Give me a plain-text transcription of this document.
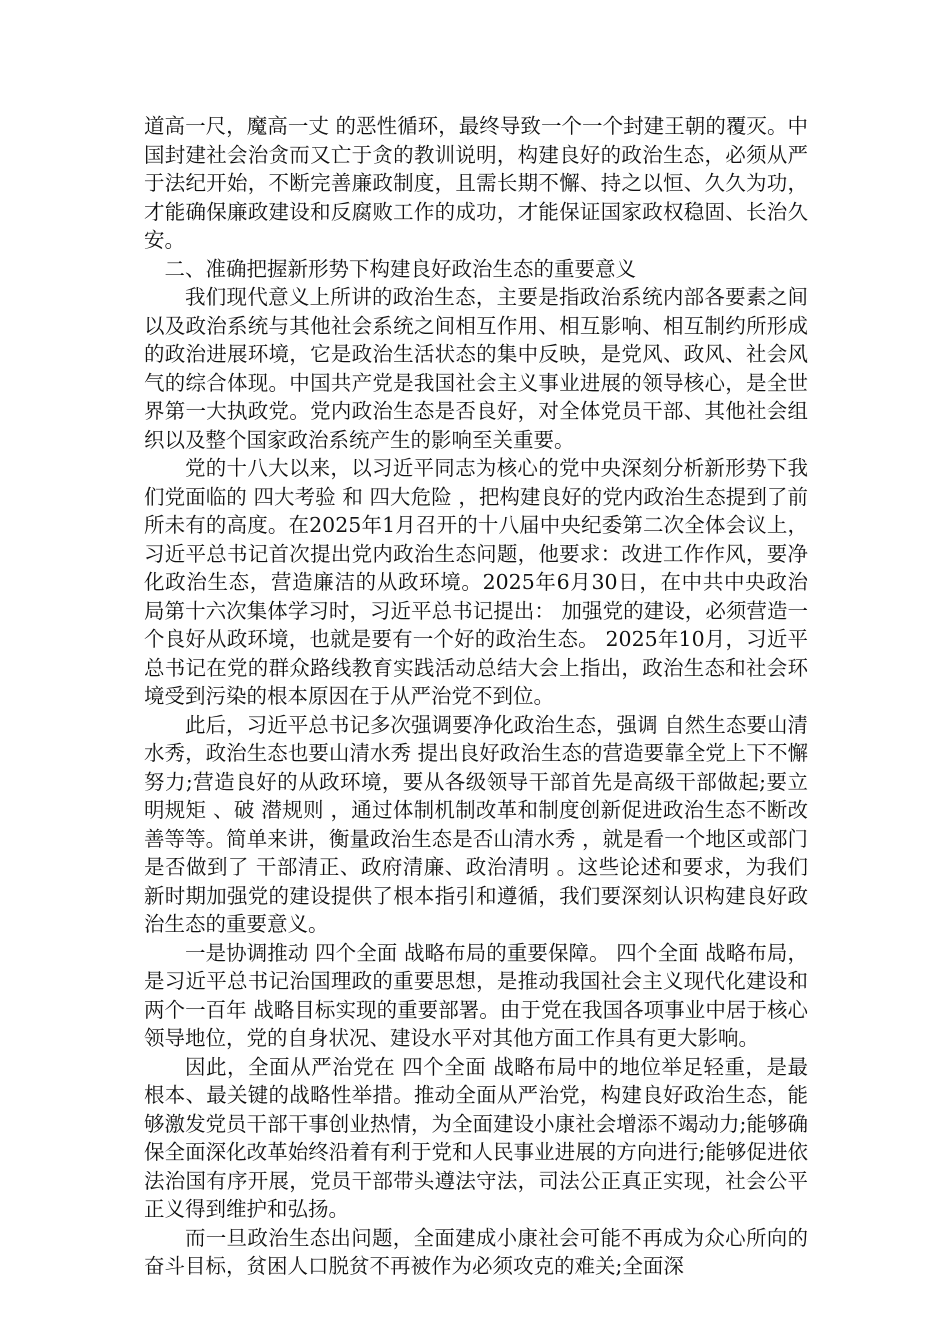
道高一尺，魔高一丈 的恶性循环，最终导致一个一个封建王朝的覆灭。中国封建社会治贪而又亡于贪的教训说明，构建良好的政治生态，必须从严于法纪开始，不断完善廉政制度，且需长期不懈、持之以恒、久久为功，才能确保廉政建设和反腐败工作的成功，才能保证国家政权稳固、长治久安。

二、准确把握新形势下构建良好政治生态的重要意义

我们现代意义上所讲的政治生态，主要是指政治系统内部各要素之间以及政治系统与其他社会系统之间相互作用、相互影响、相互制约所形成的政治进展环境，它是政治生活状态的集中反映，是党风、政风、社会风气的综合体现。中国共产党是我国社会主义事业进展的领导核心，是全世界第一大执政党。党内政治生态是否良好，对全体党员干部、其他社会组织以及整个国家政治系统产生的影响至关重要。

党的十八大以来，以习近平同志为核心的党中央深刻分析新形势下我们党面临的 四大考验 和 四大危险 ，把构建良好的党内政治生态提到了前所未有的高度。在2025年1月召开的十八届中央纪委第二次全体会议上，习近平总书记首次提出党内政治生态问题，他要求：改进工作作风，要净化政治生态，营造廉洁的从政环境。2025年6月30日，在中共中央政治局第十六次集体学习时，习近平总书记提出： 加强党的建设，必须营造一个良好从政环境，也就是要有一个好的政治生态。 2025年10月，习近平总书记在党的群众路线教育实践活动总结大会上指出，政治生态和社会环境受到污染的根本原因在于从严治党不到位。

此后，习近平总书记多次强调要净化政治生态，强调 自然生态要山清水秀，政治生态也要山清水秀 提出良好政治生态的营造要靠全党上下不懈努力;营造良好的从政环境，要从各级领导干部首先是高级干部做起;要立 明规矩 、破 潜规则 ，通过体制机制改革和制度创新促进政治生态不断改善等等。简单来讲，衡量政治生态是否山清水秀 ，就是看一个地区或部门是否做到了 干部清正、政府清廉、政治清明 。这些论述和要求，为我们新时期加强党的建设提供了根本指引和遵循，我们要深刻认识构建良好政治生态的重要意义。

一是协调推动 四个全面 战略布局的重要保障。 四个全面 战略布局，是习近平总书记治国理政的重要思想，是推动我国社会主义现代化建设和 两个一百年 战略目标实现的重要部署。由于党在我国各项事业中居于核心领导地位，党的自身状况、建设水平对其他方面工作具有更大影响。

因此，全面从严治党在 四个全面 战略布局中的地位举足轻重，是最根本、最关键的战略性举措。推动全面从严治党，构建良好政治生态，能够激发党员干部干事创业热情，为全面建设小康社会增添不竭动力;能够确保全面深化改革始终沿着有利于党和人民事业进展的方向进行;能够促进依法治国有序开展，党员干部带头遵法守法，司法公正真正实现，社会公平正义得到维护和弘扬。

而一旦政治生态出问题，全面建成小康社会可能不再成为众心所向的奋斗目标，贫困人口脱贫不再被作为必须攻克的难关;全面深
